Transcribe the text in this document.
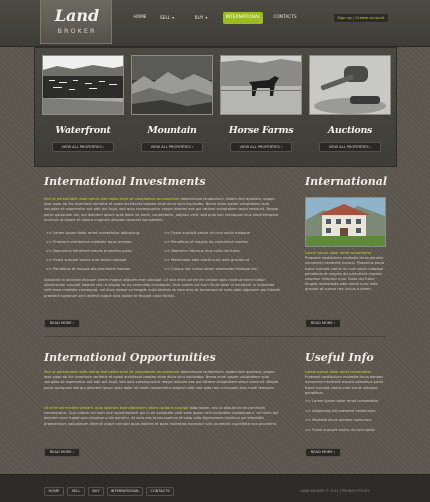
Land
BROKER
HOME	SELL ▾	BUY ▾	INTERNATIONAL	CONTACTS	Sign up / Create account
Waterfront
VIEW ALL PROPERTIES ›
Mountain
VIEW ALL PROPERTIES ›
Horse Farms
VIEW ALL PROPERTIES ›
Auctions
VIEW ALL PROPERTIES ›
International Investments
Sed ut perspiciatis unde omnis iste natus error sit voluptatem accusantium doloremque laudantium, totam rem aperiam, eaque ipsa quae ab illo inventore veritatis et quasi architecto beatae vitae dicta sunt explicabo. Nemo enim ipsam voluptatem quia voluptas sit aspernatur aut odit aut fugit, sed quia consequuntur magni dolores eos qui ratione voluptatem sequi nesciunt. Neque porro quisquam est, qui dolorem ipsum quia dolor sit amet, consectetur, adipisci velit, sed quia non numquam eius modi tempora incidunt ut labore et dolore magnam aliquam quaerat voluptatem.
>> Lorem ipsum dolor amet consectetur adipiscing
>> Praesent vestibulum molestie lacus aenean
>> Nonummy hendrerit mauris phasellus porta
>> Fusce suscipit varius cum sociis natoque
>> Penatibus et magnis dis parturient montes
>> Fusce suscipit varius mi cum sociis natoque
>> Penatibus et magnis dis parturient montes
>> Nascetur ridiculus mus nulla dui fusce
>> Malesuada odio morbi nunc odio gravida at
>> Cursus nec luctus lorem maecenas tristique orci
Duisaced in placerat aliquam lorem magna aliquam erat volutpat. Ut wisi enim ad minim veniam quis nostrud exerci tation ullamcorper suscipit lobortis nisl ut aliquip ex ea commodo consequat. Duis autem vel eum iriure dolor in hendrerit in vulputate velit esse molestie consequat, vel illum dolore eu feugiat nulla facilisis at vero eros et accumsan et iusto odio dignissim qui blandit praesent luptatum zzril delenit augue duis dolore te feugait nulla facilisi.
READ MORE ›
International
Lorem ipsum dolor amet consectetur Praesent vestibulum molestie lacus aenean nonummy hendrerit mauris. Phasellus porta fusce suscipit varius mi cum sociis natoque penatibus et magnis dis parturient montes nascetur ridiculus mus. Nulla dui fusce feugiat malesuada odio morbi nunc odio gravida at cursus nec luctus a lorem.
READ MORE ›
International Opportunities
Sed ut perspiciatis unde omnis iste natus error sit voluptatem accusantium doloremque laudantium, totam rem aperiam, eaque ipsa quae ab illo inventore veritatis et quasi architecto beatae vitae dicta sunt explicabo. Nemo enim ipsam voluptatem quia voluptas sit aspernatur aut odit aut fugit, sed quia consequuntur magni dolores eos qui ratione voluptatem sequi nesciunt. Neque porro quisquam est qui dolorem ipsum quia dolor sit amet consectetur adipisci velit sed quia non numquam eius modi tempora.
Ut enim ad minima veniam, quis nostrum exercitationem ullam corporis suscipit laboriosam, nisi ut aliquid ex ea commodi consequatur. Quis autem vel eum iure reprehenderit qui in ea voluptate velit esse quam nihil molestiae consequatur, vel illum qui dolorem eum fugiat quo voluptas nulla pariatur. At vero eos et accusamus et iusto odio dignissimos ducimus qui blanditiis praesentium voluptatum deleniti atque corrupti quos dolores et quas molestias excepturi sint occaecati cupiditate non provident.
READ MORE ›
Useful Info
Lorem ipsum dolor amet consectetur Praesent vestibulum molestie lacus aenean nonummy hendrerit mauris phasellus porta fusce suscipit varius cum sociis natoque penatibus.
>> Lorem ipsum dolor amet consectetur
>> Adipiscing elit praesent vestibulum
>> Molestie lacus aenean nonummy
>> Fusce suscipit varius mi cum sociis
READ MORE ›
HOME	SELL	BUY	INTERNATIONAL	CONTACTS	LAND BROKER © 2011 | PRIVACY POLICY
